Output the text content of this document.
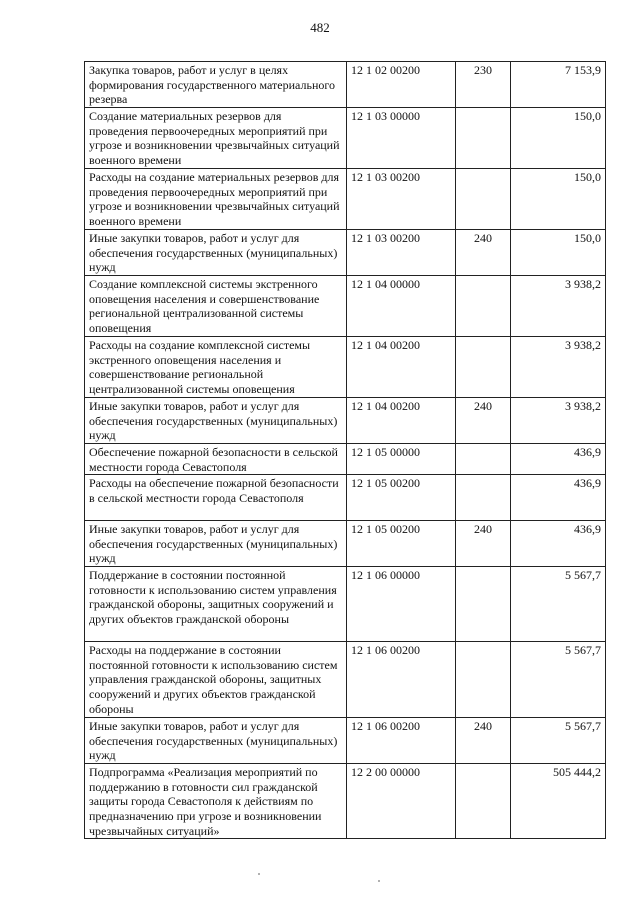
482
Закупка товаров, работ и услуг в целях формирования государственного материального резерва	12 1 02 00200	230	7 153,9
Создание материальных резервов для проведения первоочередных мероприятий при угрозе и возникновении чрезвычайных ситуаций военного времени	12 1 03 00000		150,0
Расходы на создание материальных резервов для проведения первоочередных мероприятий при угрозе и возникновении чрезвычайных ситуаций военного времени	12 1 03 00200		150,0
Иные закупки товаров, работ и услуг для обеспечения государственных (муниципальных) нужд	12 1 03 00200	240	150,0
Создание комплексной системы экстренного оповещения населения и совершенствование региональной централизованной системы оповещения	12 1 04 00000		3 938,2
Расходы на создание комплексной системы экстренного оповещения населения и совершенствование региональной централизованной системы оповещения	12 1 04 00200		3 938,2
Иные закупки товаров, работ и услуг для обеспечения государственных (муниципальных) нужд	12 1 04 00200	240	3 938,2
Обеспечение пожарной безопасности в сельской местности города Севастополя	12 1 05 00000		436,9
Расходы на обеспечение пожарной безопасности в сельской местности города Севастополя	12 1 05 00200		436,9
Иные закупки товаров, работ и услуг для обеспечения государственных (муниципальных) нужд	12 1 05 00200	240	436,9
Поддержание в состоянии постоянной готовности к использованию систем управления гражданской обороны, защитных сооружений и других объектов гражданской обороны	12 1 06 00000		5 567,7
Расходы на поддержание в состоянии постоянной готовности к использованию систем управления гражданской обороны, защитных сооружений и других объектов гражданской обороны	12 1 06 00200		5 567,7
Иные закупки товаров, работ и услуг для обеспечения государственных (муниципальных) нужд	12 1 06 00200	240	5 567,7
Подпрограмма «Реализация мероприятий по поддержанию в готовности сил гражданской защиты города Севастополя к действиям по предназначению при угрозе и возникновении чрезвычайных ситуаций»	12 2 00 00000		505 444,2
